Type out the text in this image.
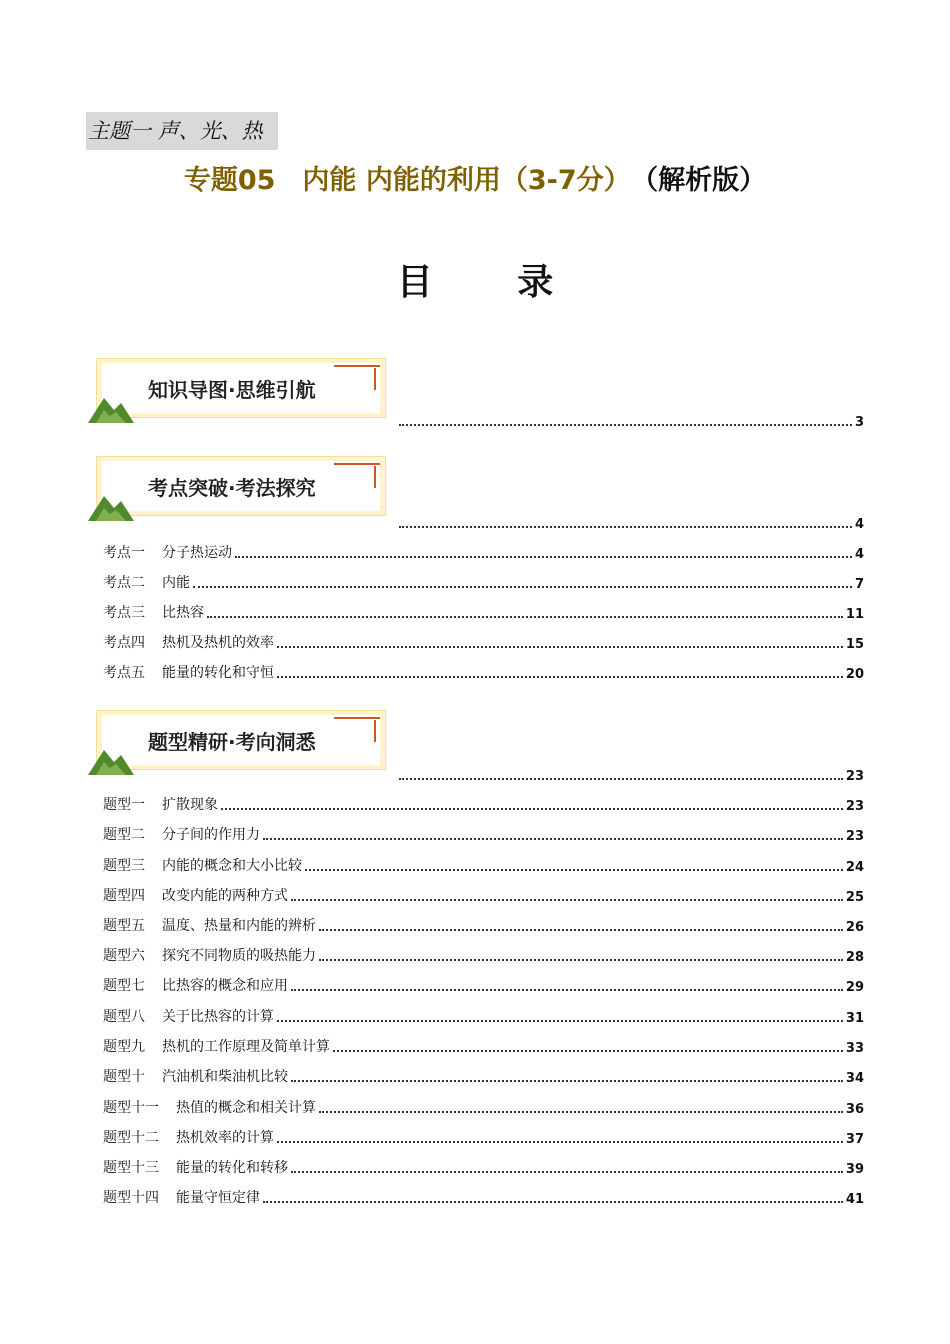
主题一 声、光、热
专题05　内能 内能的利用（3-7分） （解析版）
目 录
知识导图·思维引航
3
考点突破·考法探究
4
考点一 分子热运动	4
考点二 内能	7
考点三 比热容	11
考点四 热机及热机的效率	15
考点五 能量的转化和守恒	20
题型精研·考向洞悉
23
题型一 扩散现象	23
题型二 分子间的作用力	23
题型三 内能的概念和大小比较	24
题型四 改变内能的两种方式	25
题型五 温度、热量和内能的辨析	26
题型六 探究不同物质的吸热能力	28
题型七 比热容的概念和应用	29
题型八 关于比热容的计算	31
题型九 热机的工作原理及简单计算	33
题型十 汽油机和柴油机比较	34
题型十一 热值的概念和相关计算	36
题型十二 热机效率的计算	37
题型十三 能量的转化和转移	39
题型十四 能量守恒定律	41
